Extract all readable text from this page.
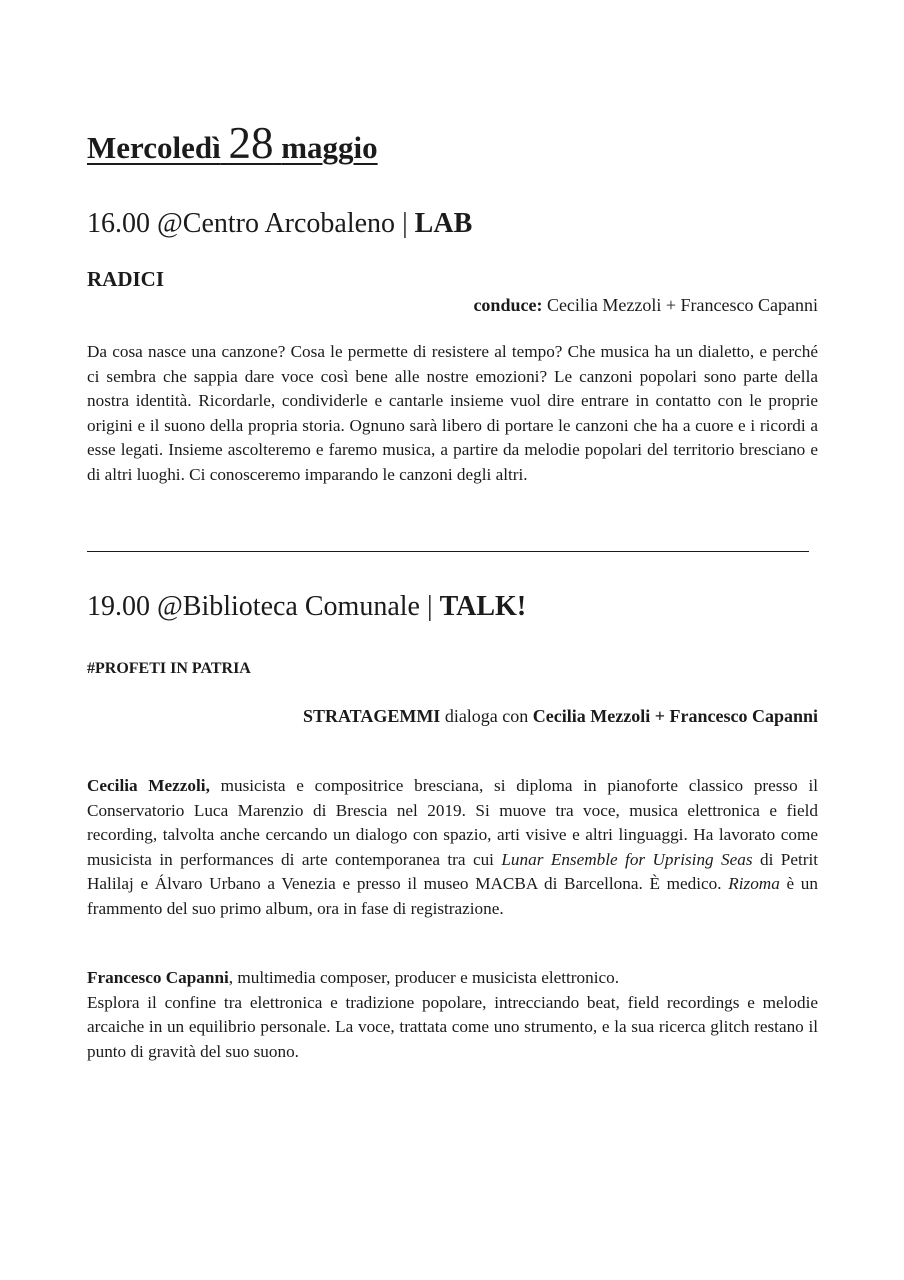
Mercoledì 28 maggio
16.00 @Centro Arcobaleno | LAB
RADICI

conduce: Cecilia Mezzoli + Francesco Capanni

Da cosa nasce una canzone? Cosa le permette di resistere al tempo? Che musica ha un dialetto, e perché ci sembra che sappia dare voce così bene alle nostre emozioni? Le canzoni popolari sono parte della nostra identità. Ricordarle, condividerle e cantarle insieme vuol dire entrare in contatto con le proprie origini e il suono della propria storia. Ognuno sarà libero di portare le canzoni che ha a cuore e i ricordi a esse legati. Insieme ascolteremo e faremo musica, a partire da melodie popolari del territorio bresciano e di altri luoghi. Ci conosceremo imparando le canzoni degli altri.

19.00 @Biblioteca Comunale | TALK!
#PROFETI IN PATRIA

STRATAGEMMI dialoga con Cecilia Mezzoli + Francesco Capanni

Cecilia Mezzoli, musicista e compositrice bresciana, si diploma in pianoforte classico presso il Conservatorio Luca Marenzio di Brescia nel 2019. Si muove tra voce, musica elettronica e field recording, talvolta anche cercando un dialogo con spazio, arti visive e altri linguaggi. Ha lavorato come musicista in performances di arte contemporanea tra cui Lunar Ensemble for Uprising Seas di Petrit Halilaj e Álvaro Urbano a Venezia e presso il museo MACBA di Barcellona. È medico. Rizoma è un frammento del suo primo album, ora in fase di registrazione.

Francesco Capanni, multimedia composer, producer e musicista elettronico.
Esplora il confine tra elettronica e tradizione popolare, intrecciando beat, field recordings e melodie arcaiche in un equilibrio personale. La voce, trattata come uno strumento, e la sua ricerca glitch restano il punto di gravità del suo suono.
